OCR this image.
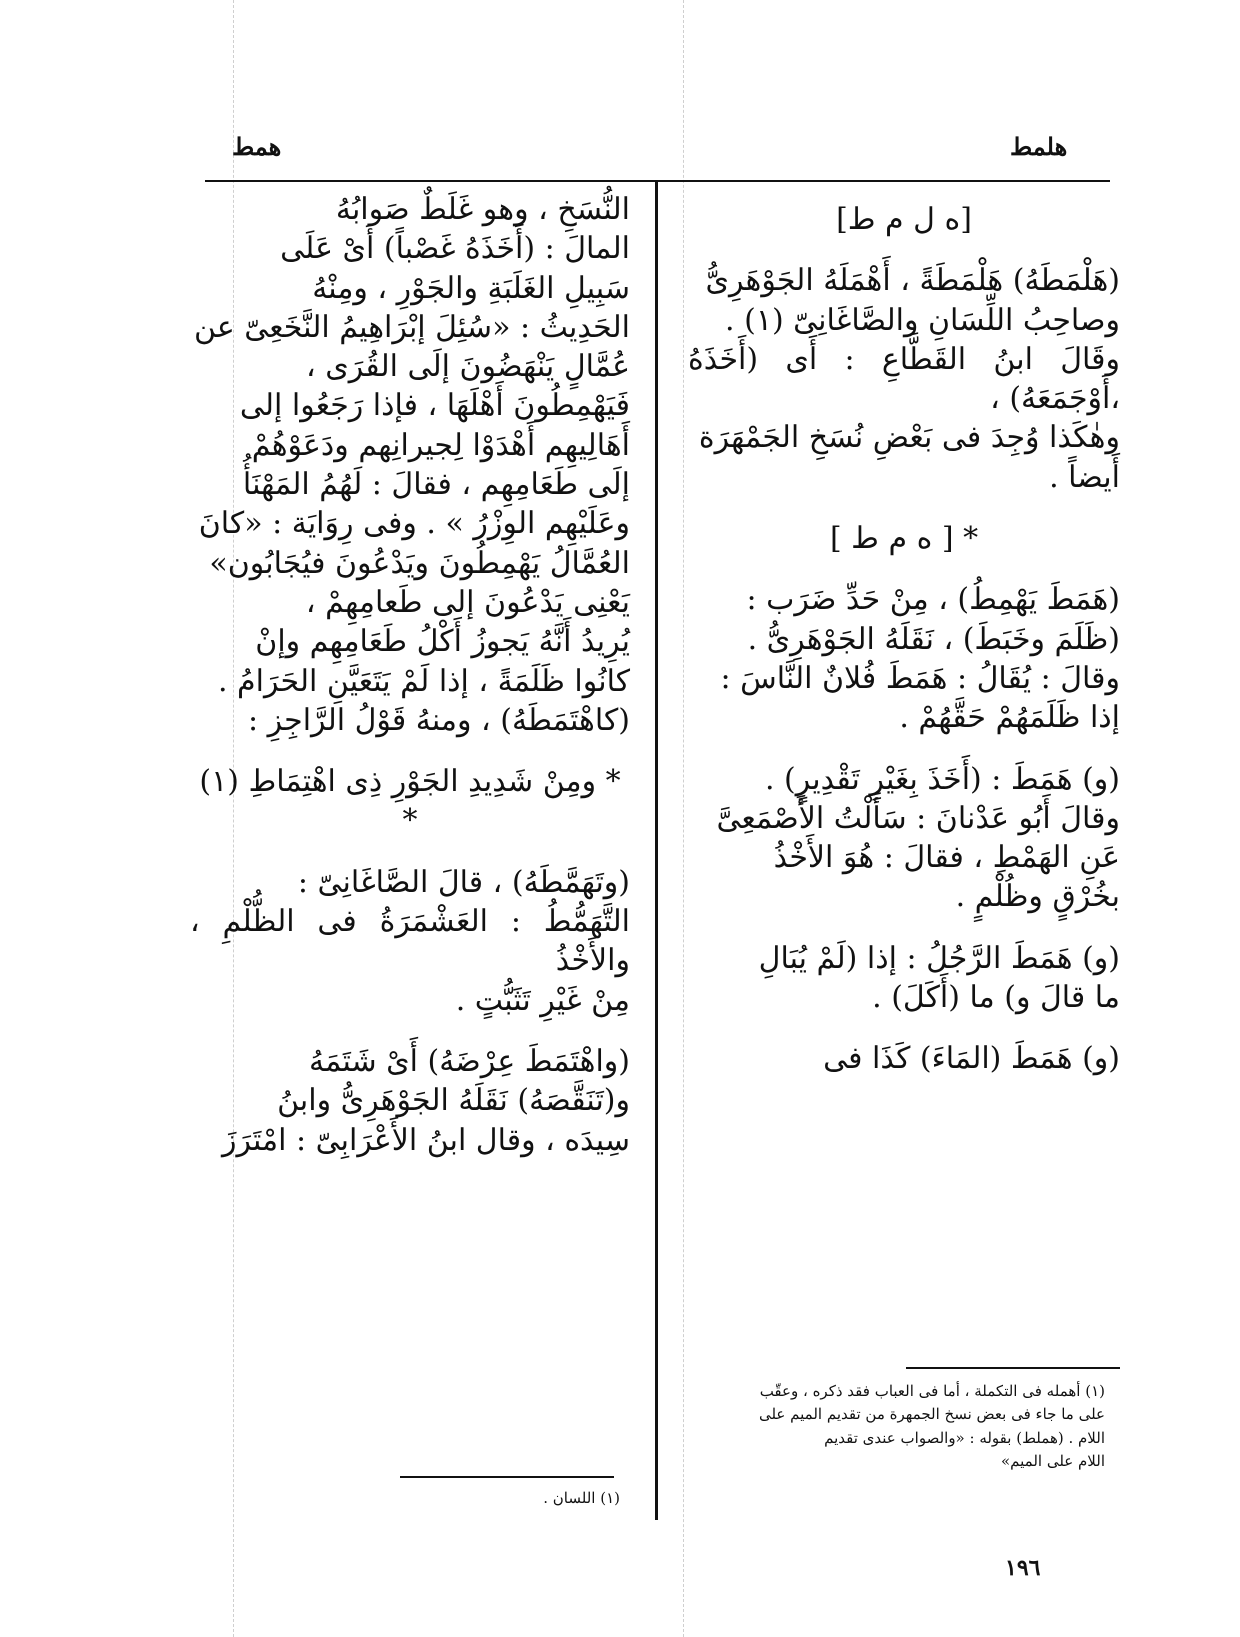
هلمط
همط

[ه ل م ط]

(هَلْمَطَهُ) هَلْمَطَةً ، أَهْمَلَهُ الجَوْهَرِىُّ

وصاحِبُ اللِّسَانِ والصَّاغَانِىّ (١) .

وقَالَ ابنُ القَطَّاعِ : أَى (أَخَذَهُ ،أَوْجَمَعَهُ) ،

وهٰكَذا وُجِدَ فى بَعْضِ نُسَخِ الجَمْهَرَة

أَيضاً .

* [ ه م ط ]

(هَمَطَ يَهْمِطُ) ، مِنْ حَدِّ ضَرَب :

(ظَلَمَ وخَبَطَ) ، نَقَلَهُ الجَوْهَرِىُّ .

وقالَ : يُقَالُ : هَمَطَ فُلانٌ النَّاسَ :

إذا ظَلَمَهُمْ حَقَّهُمْ .

(و) هَمَطَ : (أَخَذَ بِغَيْرِ تَقْدِيرٍ) .

وقالَ أَبُو عَدْنانَ : سَأَلْتُ الأَصْمَعِىَّ

عَنِ الهَمْطِ ، فقالَ : هُوَ الأَخْذُ

بخُرْقٍ وظُلْمٍ .

(و) هَمَطَ الرَّجُلُ : إذا (لَمْ يُبَالِ

ما قالَ و) ما (أَكَلَ) .

(و) هَمَطَ (المَاءَ) كَذَا فى

(١) أهمله فى التكملة ، أما فى العباب فقد ذكره ، وعقّب
على ما جاء فى بعض نسخ الجمهرة من تقديم الميم على
اللام . (هملط) بقوله : «والصواب عندى تقديم
اللام على الميم»

النُّسَخِ ، وهو غَلَطٌ صَوابُهُ

المالَ : (أَخَذَهُ غَصْباً) أَىْ عَلَى

سَبِيلِ الغَلَبَةِ والجَوْرِ ، ومِنْهُ

الحَدِيثُ : «سُئِلَ إبْرَاهِيمُ النَّخَعِىّ عن

عُمَّالٍ يَنْهَضُونَ إلَى القُرَى ،

فَيَهْمِطُونَ أَهْلَهَا ، فإذا رَجَعُوا إلى

أَهَالِيهِم أَهْدَوْا لِجيرانِهم ودَعَوْهُمْ

إلَى طَعَامِهِم ، فقالَ : لَهُمُ المَهْنَأُ

وعَلَيْهِم الوِزْرُ » . وفى رِوَايَة : «كانَ

العُمَّالُ يَهْمِطُونَ ويَدْعُونَ فيُجَابُون»

يَعْنِى يَدْعُونَ إلى طَعامِهِمْ ،

يُرِيدُ أَنَّهُ يَجوزُ أَكْلُ طَعَامِهِم وإنْ

كانُوا ظَلَمَةً ، إذا لَمْ يَتَعَيَّنِ الحَرَامُ .

(كاهْتَمَطَهُ) ، ومنهُ قَوْلُ الرَّاجِزِ :

* ومِنْ شَدِيدِ الجَوْرِ ذِى اهْتِمَاطِ (١) *

(وتَهَمَّطَهُ) ، قالَ الصَّاغَانِىّ :

التَّهَمُّطُ : العَشْمَرَةُ فى الظُّلْمِ ، والأَخْذُ

مِنْ غَيْرِ تَثَبُّتٍ .

(واهْتَمَطَ عِرْضَهُ) أَىْ شَتَمَهُ

و(تَنَقَّصَهُ) نَقَلَهُ الجَوْهَرِىُّ وابنُ

سِيدَه ، وقال ابنُ الأَعْرَابِىّ : امْتَرَزَ

(١) اللسان .
١٩٦
